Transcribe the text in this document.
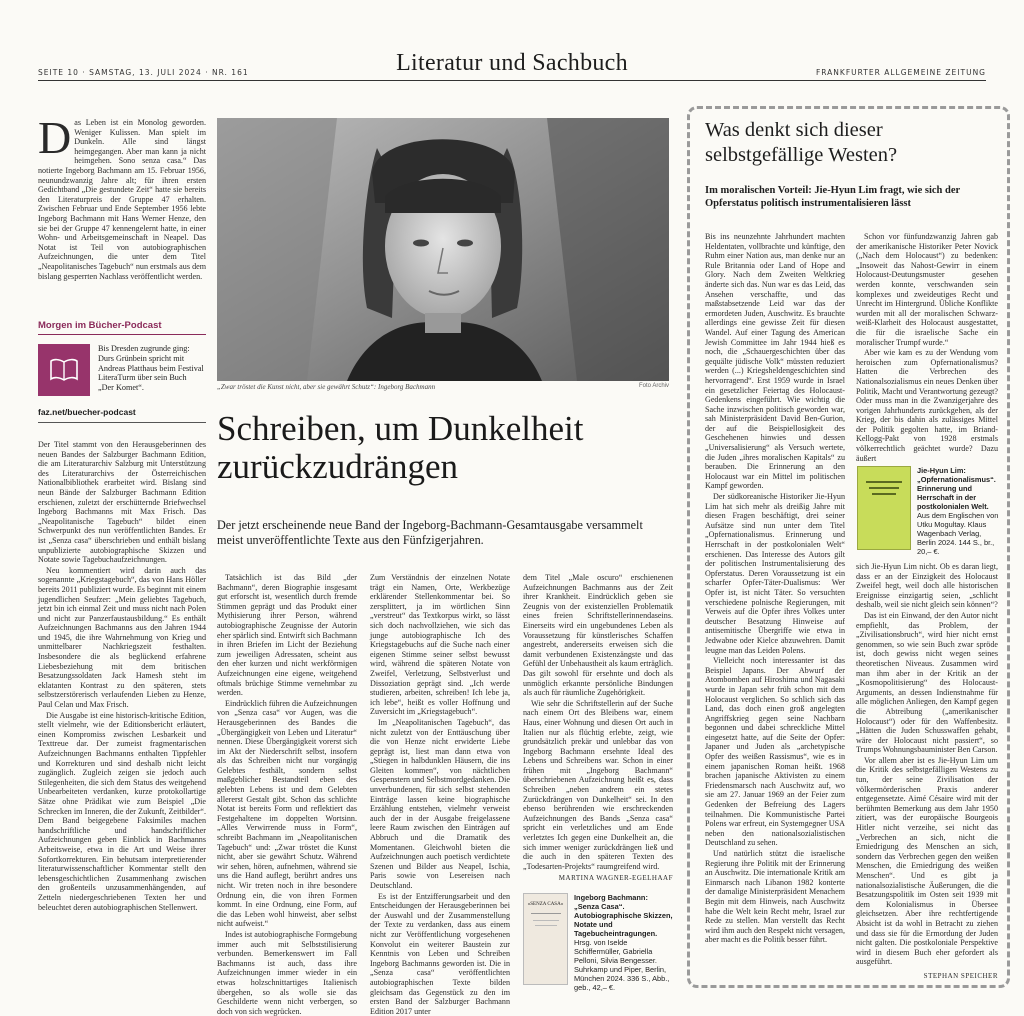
SEITE 10 · SAMSTAG, 13. JULI 2024 · NR. 161	Literatur und Sachbuch	FRANKFURTER ALLGEMEINE ZEITUNG
Das Leben ist ein Monolog geworden. Weniger Kulissen. Man spielt im Dunkeln. Alle sind längst heimgegangen. Aber man kann ja nicht heimgehen. Sono senza casa.“ Das notierte Ingeborg Bachmann am 15. Februar 1956, neunundzwanzig Jahre alt; für ihren ersten Gedichtband „Die gestundete Zeit“ hatte sie bereits den Literaturpreis der Gruppe 47 erhalten. Zwischen Februar und Ende September 1956 lebte Ingeborg Bachmann mit Hans Werner Henze, den sie bei der Gruppe 47 kennengelernt hatte, in einer Wohn- und Arbeitsgemeinschaft in Neapel. Das Notat ist Teil von autobiographischen Aufzeichnungen, die unter dem Titel „Neapolitanisches Tagebuch“ nun erstmals aus dem bislang gesperrten Nachlass veröffentlicht werden.
Morgen im Bücher-Podcast
Bis Dresden zugrunde ging: Durs Grünbein spricht mit Andreas Platthaus beim Festival LiteraTurm über sein Buch „Der Komet“.
faz.net/buecher-podcast
„Zwar tröstet die Kunst nicht, aber sie gewährt Schutz“: Ingeborg Bachmann	Foto Archiv
Schreiben, um Dunkelheit zurückzudrängen
Der jetzt erscheinende neue Band der Ingeborg-Bachmann-Gesamtausgabe versammelt meist unveröffentlichte Texte aus den Fünfzigerjahren.

Der Titel stammt von den Herausgeberinnen des neuen Bandes der Salzburger Bachmann Edition, die am Literaturarchiv Salzburg mit Unterstützung des Literaturarchivs der Österreichischen Nationalbibliothek erarbeitet wird. Bislang sind neun Bände der Salzburger Bachmann Edition erschienen, zuletzt der erschütternde Briefwechsel Ingeborg Bachmanns mit Max Frisch. Das „Neapolitanische Tagebuch“ bildet einen Schwerpunkt des nun veröffentlichten Bandes. Er ist „Senza casa“ überschrieben und enthält bislang unpublizierte autobiographische Skizzen und Notate sowie Tagebuchaufzeichnungen.

Neu kommentiert wird darin auch das sogenannte „Kriegstagebuch“, das von Hans Höller bereits 2011 publiziert wurde. Es beginnt mit einem jugendlichen Seufzer: „Mein geliebtes Tagebuch, jetzt bin ich einmal Zeit und muss nicht nach Polen und nicht zur Panzerfaustausbildung.“ Es enthält Aufzeichnungen Bachmanns aus den Jahren 1944 und 1945, die ihre Wahrnehmung von Krieg und unmittelbarer Nachkriegszeit festhalten. Insbesondere die als beglückend erfahrene Liebesbeziehung mit dem britischen Besatzungssoldaten Jack Hamesh steht im eklatanten Kontrast zu den späteren, stets selbstzerstörerisch verlaufenden Lieben zu Henze, Paul Celan und Max Frisch.

Die Ausgabe ist eine historisch-kritische Edition, stellt vielmehr, wie der Editionsbericht erläutert, einen Kompromiss zwischen Lesbarkeit und Texttreue dar. Der zumeist fragmentarischen Aufzeichnungen Bachmanns enthalten Tippfehler und Korrekturen und sind deshalb nicht leicht zugänglich. Zugleich zeigen sie jedoch auch Stilegenheiten, die sich dem Status des weitgehend Unbearbeiteten verdanken, kurze protokollartige Sätze ohne Prädikat wie zum Beispiel „Die Schrecken im Inneren, die der Zukunft, Zeitbilder“. Dem Band beigegebene Faksimiles machen handschriftliche und handschriftlicher Aufzeichnungen geben Einblick in Bachmanns Arbeitsweise, etwa in die Art und Weise ihrer Sofortkorrekturen. Ein behutsam interpretierender literaturwissenschaftlicher Kommentar stellt den lebensgeschichtlichen Zusammenhang zwischen den großenteils unzusammenhängenden, auf Zetteln niedergeschriebenen Texten her und beleuchtet deren autobiographischen Stellenwert.

Tatsächlich ist das Bild „der Bachmann“, deren Biographie insgesamt gut erforscht ist, wesentlich durch fremde Stimmen geprägt und das Produkt einer Mythisierung ihrer Person, während autobiographische Zeugnisse der Autorin eher spärlich sind. Entwirft sich Bachmann in ihren Briefen im Licht der Beziehung zum jeweiligen Adressaten, scheint aus den eher kurzen und nicht werkförmigen Aufzeichnungen eine eigene, weitgehend oftmals brüchige Stimme vernehmbar zu werden.

Eindrücklich führen die Aufzeichnungen von „Senza casa“ vor Augen, was die Herausgeberinnen des Bandes die „Übergängigkeit von Leben und Literatur“ nennen. Diese Übergängigkeit vorerst sich im Akt der Niederschrift selbst, insofern als das Schreiben nicht nur vorgängig Gelebtes festhält, sondern selbst maßgeblicher Bestandteil eben des gelebten Lebens ist und dem Gelebten allererst Gestalt gibt. Schon das schlichte Notat ist bereits Form und reflektiert das Festgehaltene im doppelten Wortsinn. „Alles Verwirrende muss in Form“, schreibt Bachmann im „Neapolitanischen Tagebuch“ und: „Zwar tröstet die Kunst nicht, aber sie gewährt Schutz. Während wir sehen, hören, aufnehmen, während sie uns die Hand auflegt, berührt andres uns nicht. Wir treten noch in ihre besondere Ordnung ein, die von ihren Formen kommt. In eine Ordnung, eine Form, auf die das Leben wohl hinweist, aber selbst nicht aufweist.“

Indes ist autobiographische Formgebung immer auch mit Selbststilisierung verbunden. Bemerkenswert im Fall Bachmanns ist auch, dass ihre Aufzeichnungen immer wieder in ein etwas holzschnittartiges Italienisch übergehen, so als wolle sie das Geschilderte wenn nicht verbergen, so doch von sich wegrücken.

Zum Verständnis der einzelnen Notate trägt ein Namen, Orte, Werkbezüge erklärender Stellenkommentar bei. So zersplittert, ja im wörtlichen Sinn „verstreut“ das Textkorpus wirkt, so lässt sich doch nachvollziehen, wie sich das junge autobiographische Ich des Kriegstagebuchs auf die Suche nach einer eigenen Stimme seiner selbst bewusst wird, während die späteren Notate von Zweifel, Verletzung, Selbstverlust und Dissoziation geprägt sind. „Ich werde studieren, arbeiten, schreiben! Ich lebe ja, ich lebe“, heißt es voller Hoffnung und Zuversicht im „Kriegstagebuch“.

Im „Neapolitanischen Tagebuch“, das nicht zuletzt von der Enttäuschung über die von Henze nicht erwiderte Liebe geprägt ist, liest man dann etwa von „Stiegen in halbdunklen Häusern, die ins Gleiten kommen“, von nächtlichen Gespenstern und Selbstmordgedanken. Die unverbundenen, für sich selbst stehenden Einträge lassen keine biographische Erzählung entstehen, vielmehr verweist auch der in der Ausgabe freigelassene leere Raum zwischen den Einträgen auf Abbruch und die Dramatik des Momentanen. Gleichwohl bieten die Aufzeichnungen auch poetisch verdichtete Szenen und Bilder aus Neapel, Ischia, Paris sowie von Lesereisen nach Deutschland.

Es ist der Entzifferungsarbeit und den Entscheidungen der Herausgeberinnen bei der Auswahl und der Zusammenstellung der Texte zu verdanken, dass aus einem nicht zur Veröffentlichung vorgesehenen Konvolut ein weiterer Baustein zur Kenntnis von Leben und Schreiben Ingeborg Bachmanns geworden ist. Die in „Senza casa“ veröffentlichten autobiographischen Texte bilden gleichsam das Gegenstück zu den im ersten Band der Salzburger Bachmann Edition 2017 unter

dem Titel „Male oscuro“ erschienenen Aufzeichnungen Bachmanns aus der Zeit ihrer Krankheit. Eindrücklich geben sie Zeugnis von der existenziellen Problematik eines freien Schriftstellerinnendaseins. Einerseits wird ein ungebundenes Leben als Voraussetzung für künstlerisches Schaffen angestrebt, andererseits erweisen sich die damit verbundenen Existenzängste und das Gefühl der Unbehaustheit als kaum erträglich. Das gilt sowohl für ersehnte und doch als unmöglich erkannte persönliche Bindungen als auch für räumliche Zugehörigkeit.

Wie sehr die Schriftstellerin auf der Suche nach einem Ort des Bleibens war, einem Haus, einer Wohnung und diesen Ort auch in Italien nur als flüchtig erlebte, zeigt, wie grundsätzlich prekär und unlebbar das von Ingeborg Bachmann ersehnte Ideal des Lebens und Schreibens war. Schon in einer frühen mit „Ingeborg Bachmann“ überschriebenen Aufzeichnung heißt es, dass Schreiben „neben andrem ein stetes Zurückdrängen von Dunkelheit“ sei. In den ebenso berührenden wie erschreckenden Aufzeichnungen des Bands „Senza casa“ spricht ein verletzliches und am Ende verletztes Ich gegen eine Dunkelheit an, die sich immer weniger zurückdrängen ließ und die auch in den späteren Texten des „Todesarten-Projekts“ raumgreifend wird.

MARTINA WAGNER-EGELHAAF
»SENZA CASA«
Ingeborg Bachmann: „Senza Casa“. Autobiographische Skizzen, Notate und Tagebucheintragungen.
Hrsg. von Iselde Schiffermüller, Gabriella Pelloni, Silvia Bengesser. Suhrkamp und Piper, Berlin, München 2024. 336 S., Abb., geb., 42,– €.
Was denkt sich dieser selbstgefällige Westen?
Im moralischen Vorteil: Jie-Hyun Lim fragt, wie sich der Opferstatus politisch instrumentalisieren lässt

Bis ins neunzehnte Jahrhundert machten Heldentaten, vollbrachte und künftige, den Ruhm einer Nation aus, man denke nur an Rule Britannia oder Land of Hope and Glory. Nach dem Zweiten Weltkrieg änderte sich das. Nun war es das Leid, das Ansehen verschaffte, und das maßstabsetzende Leid war das der ermordeten Juden, Auschwitz. Es brauchte allerdings eine gewisse Zeit für diesen Wandel. Auf einer Tagung des American Jewish Committee im Jahr 1944 hieß es noch, die „Schauergeschichten über das gequälte jüdische Volk“ müssten reduziert werden (...) Kriegsheldengeschichten sind hervorragend“. Erst 1959 wurde in Israel ein gesetzlicher Feiertag des Holocaust-Gedenkens eingeführt. Wie wichtig die Sache inzwischen politisch geworden war, sah Ministerpräsident David Ben-Gurion, der auf die Beispiellosigkeit des Geschehenen hinwies und dessen „Universalisierung“ als Versuch wertete, die Juden „ihres moralischen Kapitals“ zu berauben. Die Erinnerung an den Holocaust war ein Mittel im politischen Kampf geworden.

Der südkoreanische Historiker Jie-Hyun Lim hat sich mehr als dreißig Jahre mit diesen Fragen beschäftigt, drei seiner Aufsätze sind nun unter dem Titel „Opfernationalismus. Erinnerung und Herrschaft in der postkolonialen Welt“ erschienen. Das Interesse des Autors gilt der politischen Instrumentalisierung des Opferstatus. Deren Voraussetzung ist ein scharfer Opfer-Täter-Dualismus: Wer Opfer ist, ist nicht Täter. So versuchten verschiedene polnische Regierungen, mit Verweis auf die Opfer ihres Volkes unter deutscher Besatzung Hinweise auf antisemitische Übergriffe wie etwa in Jedwabne oder Kielce abzuwehren. Damit leugne man das Leiden Polens.

Vielleicht noch interessanter ist das Beispiel Japans. Der Abwurf der Atombomben auf Hiroshima und Nagasaki wurde in Japan sehr früh schon mit dem Holocaust verglichen. So schlich sich das Land, das doch einen groß angelegten Angriffskrieg gegen seine Nachbarn begonnen und dabei schreckliche Mittel eingesetzt hatte, auf die Seite der Opfer: Japaner und Juden als „archetypische Opfer des weißen Rassismus“, wie es in einem japanischen Roman heißt. 1968 brachen japanische Aktivisten zu einem Friedensmarsch nach Auschwitz auf, wo sie am 27. Januar 1969 an der Feier zum Gedenken der Befreiung des Lagers teilnahmen. Die Kommunistische Partei Polens war erfreut, ein Systemgegner USA neben den nationalsozialistischen Deutschland zu sehen.

Und natürlich stützt die israelische Regierung ihre Politik mit der Erinnerung an Auschwitz. Die internationale Kritik am Einmarsch nach Libanon 1982 konterte der damalige Ministerpräsident Menachem Begin mit dem Hinweis, nach Auschwitz habe die Welt kein Recht mehr, Israel zur Rede zu stellen. Man verstellt das Recht wird ihm auch den Respekt nicht versagen, aber macht es die Politik besser führt.

Schon vor fünfundzwanzig Jahren gab der amerikanische Historiker Peter Novick („Nach dem Holocaust“) zu bedenken: „Insoweit das Nahost-Gewirr in einem Holocaust-Deutungsmuster gesehen werden konnte, verschwanden sein komplexes und zweideutiges Recht und Unrecht im Hintergrund. Übliche Konflikte wurden mit all der moralischen Schwarz-weiß-Klarheit des Holocaust ausgestattet, die für die israelische Sache ein moralischer Trumpf wurde.“

Aber wie kam es zu der Wendung vom heroischen zum Opfernationalismus? Hatten die Verbrechen des Nationalsozialismus ein neues Denken über Politik, Macht und Verantwortung gezeugt? Oder muss man in die Zwanzigerjahre des vorigen Jahrhunderts zurückgehen, als der Krieg, der bis dahin als zulässiges Mittel der Politik gegolten hatte, im Briand-Kellogg-Pakt von 1928 erstmals völkerrechtlich geächtet wurde? Dazu äußert

Jie-Hyun Lim: „Opfernationalismus“. Erinnerung und Herrschaft in der postkolonialen Welt.
Aus dem Englischen von Utku Mogultay. Klaus Wagenbach Verlag, Berlin 2024. 144 S., br., 20,– €.

sich Jie-Hyun Lim nicht. Ob es daran liegt, dass er an der Einzigkeit des Holocaust Zweifel hegt, weil doch alle historischen Ereignisse einzigartig seien, „schlicht deshalb, weil sie nicht gleich sein können“?

Das ist ein Einwand, der den Autor nicht empfiehlt, das Problem, der „Zivilisationsbruch“, wird hier nicht ernst genommen, so wie sein Buch zwar spröde ist, doch gewiss nicht wegen seines theoretischen Niveaus. Zusammen wird man ihm aber in der Kritik an der „Kosmopolitisierung“ des Holocaust-Arguments, an dessen Indienstnahme für alle möglichen Anliegen, den Kampf gegen die Abtreibung („amerikanischer Holocaust“) oder für den Waffenbesitz. „Hätten die Juden Schusswaffen gehabt, wäre der Holocaust nicht passiert“, so Trumps Wohnungsbauminister Ben Carson.

Vor allem aber ist es Jie-Hyun Lim um die Kritik des selbstgefälligen Westens zu tun, der seine Zivilisation der völkermörderischen Praxis anderer entgegensetzte. Aimé Césaire wird mit der berühmten Bemerkung aus dem Jahr 1950 zitiert, was der europäische Bourgeois Hitler nicht verzeihe, sei nicht das „Verbrechen an sich, nicht die Erniedrigung des Menschen an sich, sondern das Verbrechen gegen den weißen Menschen, die Erniedrigung des weißen Menschen“. Und es gibt ja nationalsozialistische Äußerungen, die die Besatzungspolitik im Osten seit 1939 mit dem Kolonialismus in Übersee gleichsetzen. Aber ihre rechtfertigende Absicht ist da wohl in Betracht zu ziehen und dass sie für die Ermordung der Juden nicht galten. Die postkoloniale Perspektive wird in diesem Buch eher gefordert als ausgeführt.

STEPHAN SPEICHER
